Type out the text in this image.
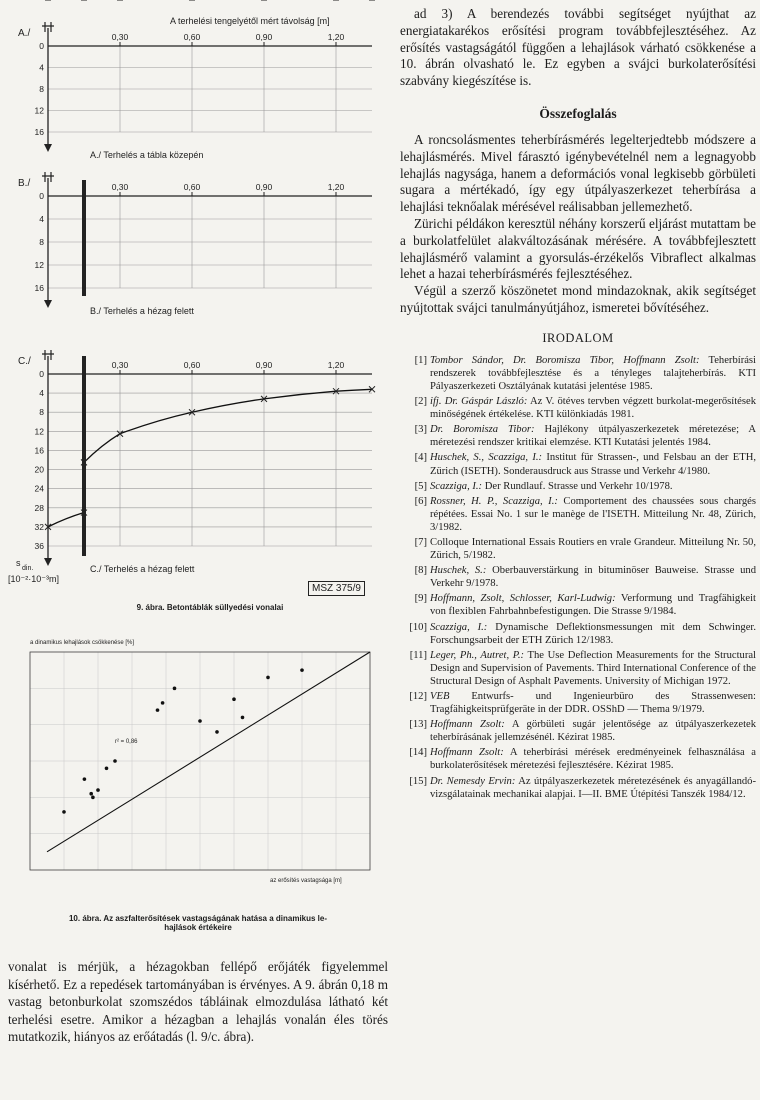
0
4
8
12
16
0,30	0,60	0,90	1,20
A./
A./ Terhelés a tábla közepén
A terhelési tengelyétől mért távolság [m]
0
4
8
12
16
0,30	0,60	0,90	1,20
B./
B./ Terhelés a hézag felett
0
4
8
12
16
20
24
28
32
36
0,30	0,60	0,90	1,20
C./
C./ Terhelés a hézag felett
s
din.
[10⁻²·10⁻³m]
MSZ 375/9
9. ábra. Betontáblák süllyedési vonalai
a dinamikus lehajlások csökkenése [%]
az erősítés vastagsága [m]
r² = 0,86
10. ábra. Az aszfalterősítések vastagságának hatása a dinamikus le-
hajlások értékeire

vonalat is mérjük, a hézagokban fellépő erőjáték figyelemmel kísérhető. Ez a repedések tartományában is érvényes. A 9. ábrán 0,18 m vastag betonburkolat szomszédos tábláinak elmozdulása látható két terhelési esetre. Amikor a hézagban a lehajlás vonalán éles törés mutatkozik, hiányos az erőátadás (l. 9/c. ábra).

ad 3) A berendezés további segítséget nyújthat az energiatakarékos erősítési program továbbfejlesztéséhez. Az erősítés vastagságától függően a lehajlások várható csökkenése a 10. ábrán olvasható le. Ez egyben a svájci burkolaterősítési szabvány kiegészítése is.

Összefoglalás

A roncsolásmentes teherbírásmérés legelterjedtebb módszere a lehajlásmérés. Mivel fárasztó igénybevételnél nem a legnagyobb lehajlás nagysága, hanem a deformációs vonal legkisebb görbületi sugara a mértékadó, így egy útpályaszerkezet teherbírása a lehajlási teknőalak mérésével reálisabban jellemezhető.

Zürichi példákon keresztül néhány korszerű eljárást mutattam be a burkolatfelület alakváltozásának mérésére. A továbbfejlesztett lehajlásmérő valamint a gyorsulás-érzékelős Vibraflect alkalmas lehet a hazai teherbírásmérés fejlesztéséhez.

Végül a szerző köszönetet mond mindazoknak, akik segítséget nyújtottak svájci tanulmányútjához, ismeretei bővítéséhez.

IRODALOM
[1] Tombor Sándor, Dr. Boromisza Tibor, Hoffmann Zsolt: Teherbírási rendszerek továbbfejlesztése és a tényleges talajteherbírás. KTI Pályaszerkezeti Osztályának kutatási jelentése 1985.
[2] ifj. Dr. Gáspár László: Az V. ötéves tervben végzett burkolat-megerősítések minőségének értékelése. KTI különkiadás 1981.
[3] Dr. Boromisza Tibor: Hajlékony útpályaszerkezetek méretezése; A méretezési rendszer kritikai elemzése. KTI Kutatási jelentés 1984.
[4] Huschek, S., Scazziga, I.: Institut für Strassen-, und Felsbau an der ETH, Zürich (ISETH). Sonderausdruck aus Strasse und Verkehr 4/1980.
[5] Scazziga, I.: Der Rundlauf. Strasse und Verkehr 10/1978.
[6] Rossner, H. P., Scazziga, I.: Comportement des chaussées sous chargés répétées. Essai No. 1 sur le manège de l'ISETH. Mitteilung Nr. 48, Zürich, 3/1982.
[7] Colloque International Essais Routiers en vrale Grandeur. Mitteilung Nr. 50, Zürich, 5/1982.
[8] Huschek, S.: Oberbauverstärkung in bituminöser Bauweise. Strasse und Verkehr 9/1978.
[9] Hoffmann, Zsolt, Schlosser, Karl-Ludwig: Verformung und Tragfähigkeit von flexiblen Fahrbahnbefestigungen. Die Strasse 9/1984.
[10] Scazziga, I.: Dynamische Deflektionsmessungen mit dem Schwinger. Forschungsarbeit der ETH Zürich 12/1983.
[11] Leger, Ph., Autret, P.: The Use Deflection Measurements for the Structural Design and Supervision of Pavements. Third International Conference of the Structural Design of Asphalt Pavements. University of Michigan 1972.
[12] VEB Entwurfs- und Ingenieurbüro des Strassenwesen: Tragfähigkeitsprüfgeräte in der DDR. OSShD — Thema 9/1979.
[13] Hoffmann Zsolt: A görbületi sugár jelentősége az útpályaszerkezetek teherbírásának jellemzésénél. Kézirat 1985.
[14] Hoffmann Zsolt: A teherbírási mérések eredményeinek felhasználása a burkolaterősítések méretezési fejlesztésére. Kézirat 1985.
[15] Dr. Nemesdy Ervin: Az útpályaszerkezetek méretezésének és anyagállandó-vizsgálatainak mechanikai alapjai. I—II. BME Útépítési Tanszék 1984/12.
